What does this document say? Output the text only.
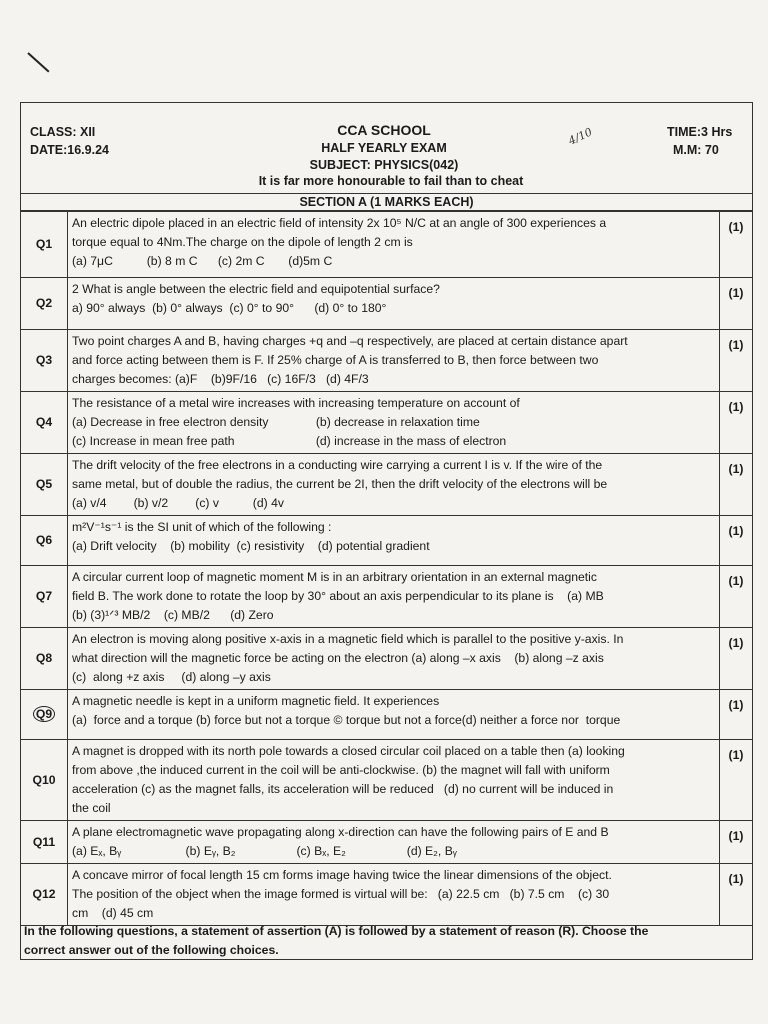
CLASS: XII
DATE:16.9.24
CCA SCHOOL
HALF YEARLY EXAM
SUBJECT: PHYSICS(042)
It is far more honourable to fail than to cheat
TIME:3 Hrs
M.M: 70
4/10
SECTION A (1 MARKS EACH)
Q1	An electric dipole placed in an electric field of intensity 2x 10⁵ N/C at an angle of 300 experiences a
torque equal to 4Nm.The charge on the dipole of length 2 cm is
(a) 7μC          (b) 8 m C      (c) 2m C       (d)5m C	(1)
Q2	2 What is angle between the electric field and equipotential surface?
a) 90° always  (b) 0° always  (c) 0° to 90°      (d) 0° to 180°	(1)
Q3	Two point charges A and B, having charges +q and –q respectively, are placed at certain distance apart
and force acting between them is F. If 25% charge of A is transferred to B, then force between two
charges becomes: (a)F    (b)9F/16   (c) 16F/3   (d) 4F/3	(1)
Q4	The resistance of a metal wire increases with increasing temperature on account of
(a) Decrease in free electron density              (b) decrease in relaxation time
(c) Increase in mean free path                        (d) increase in the mass of electron	(1)
Q5	The drift velocity of the free electrons in a conducting wire carrying a current I is v. If the wire of the
same metal, but of double the radius, the current be 2I, then the drift velocity of the electrons will be
(a) v/4        (b) v/2        (c) v          (d) 4v	(1)
Q6	m²V⁻¹s⁻¹ is the SI unit of which of the following :
(a) Drift velocity    (b) mobility  (c) resistivity    (d) potential gradient	(1)
Q7	A circular current loop of magnetic moment M is in an arbitrary orientation in an external magnetic
field B. The work done to rotate the loop by 30° about an axis perpendicular to its plane is    (a) MB
(b) (3)¹ᐟ³ MB/2    (c) MB/2      (d) Zero	(1)
Q8	An electron is moving along positive x-axis in a magnetic field which is parallel to the positive y-axis. In
what direction will the magnetic force be acting on the electron (a) along –x axis    (b) along –z axis
(c)  along +z axis     (d) along –y axis	(1)
Q9	A magnetic needle is kept in a uniform magnetic field. It experiences
(a)  force and a torque (b) force but not a torque © torque but not a force(d) neither a force nor  torque	(1)
Q10	A magnet is dropped with its north pole towards a closed circular coil placed on a table then (a) looking
from above ,the induced current in the coil will be anti-clockwise. (b) the magnet will fall with uniform
acceleration (c) as the magnet falls, its acceleration will be reduced   (d) no current will be induced in
the coil	(1)
Q11	A plane electromagnetic wave propagating along x-direction can have the following pairs of E and B
(a) Eₓ, Bᵧ                   (b) Eᵧ, B₂                  (c) Bₓ, E₂                  (d) E₂, Bᵧ	(1)
Q12	A concave mirror of focal length 15 cm forms image having twice the linear dimensions of the object.
The position of the object when the image formed is virtual will be:   (a) 22.5 cm   (b) 7.5 cm    (c) 30
cm    (d) 45 cm	(1)
In the following questions, a statement of assertion (A) is followed by a statement of reason (R). Choose the
correct answer out of the following choices.
